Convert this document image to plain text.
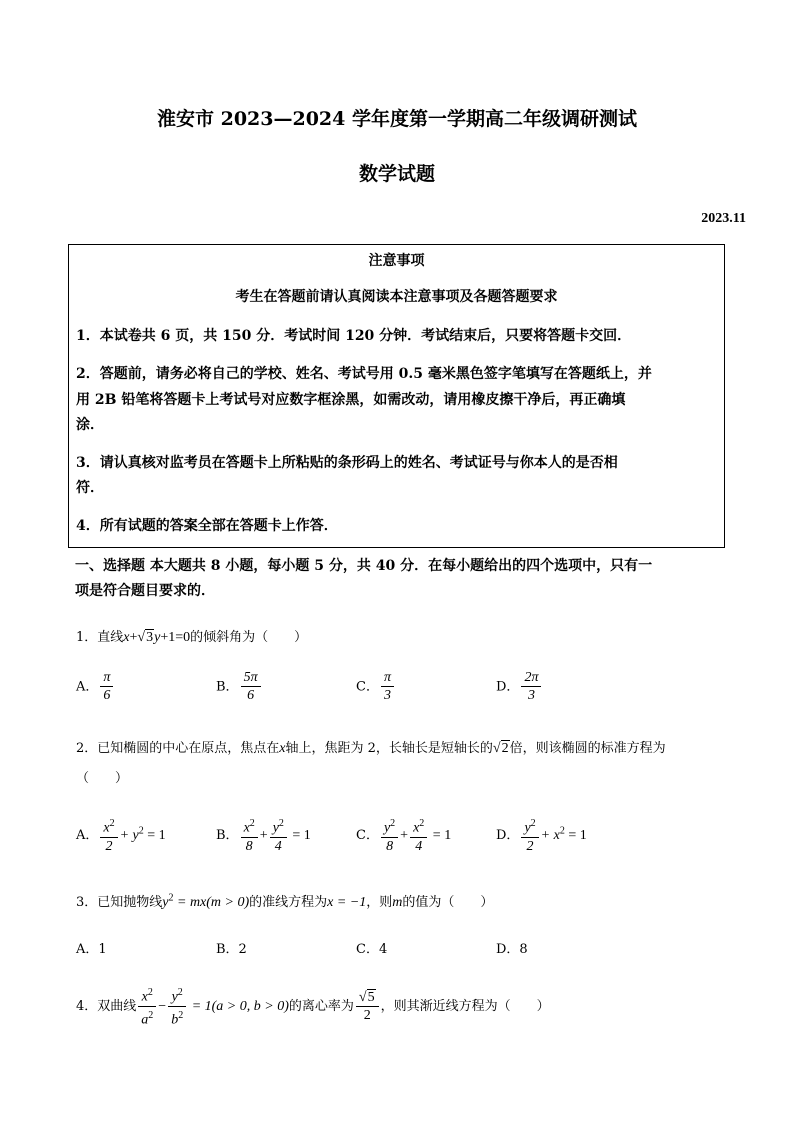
淮安市 2023—2024 学年度第一学期高二年级调研测试
数学试题
2023.11
注意事项
考生在答题前请认真阅读本注意事项及各题答题要求
1．本试卷共 6 页，共 150 分．考试时间 120 分钟．考试结束后，只要将答题卡交回．
2．答题前，请务必将自己的学校、姓名、考试号用 0.5 毫米黑色签字笔填写在答题纸上，并
用 2B 铅笔将答题卡上考试号对应数字框涂黑，如需改动，请用橡皮擦干净后，再正确填
涂．
3．请认真核对监考员在答题卡上所粘贴的条形码上的姓名、考试证号与你本人的是否相
符．
4．所有试题的答案全部在答题卡上作答．
一、选择题 本大题共 8 小题，每小题 5 分，共 40 分．在每小题给出的四个选项中，只有一
项是符合题目要求的．
1．直线x+√3y+1=0的倾斜角为（　　）
A． $\frac{\pi}{6}$	B． $\frac{5\pi}{6}$	C． $\frac{\pi}{3}$	D． $\frac{2\pi}{3}$
2．已知椭圆的中心在原点，焦点在x轴上，焦距为 2，长轴长是短轴长的√2倍，则该椭圆的标准方程为
（　　）
A． $\frac{x^2}{2} + y^2 = 1$	B． $\frac{x^2}{8} + \frac{y^2}{4} = 1$	C． $\frac{y^2}{8} + \frac{x^2}{4} = 1$	D． $\frac{y^2}{2} + x^2 = 1$
3．已知抛物线$y^2 = mx(m > 0)$的准线方程为x = −1，则m的值为（　　）
A．1	B．2	C．4	D．8
4．双曲线 $\frac{x^2}{a^2} - \frac{y^2}{b^2} = 1(a > 0$, b > 0)的离心率为 $\frac{√5}{2}$ ，则其渐近线方程为（　　）
